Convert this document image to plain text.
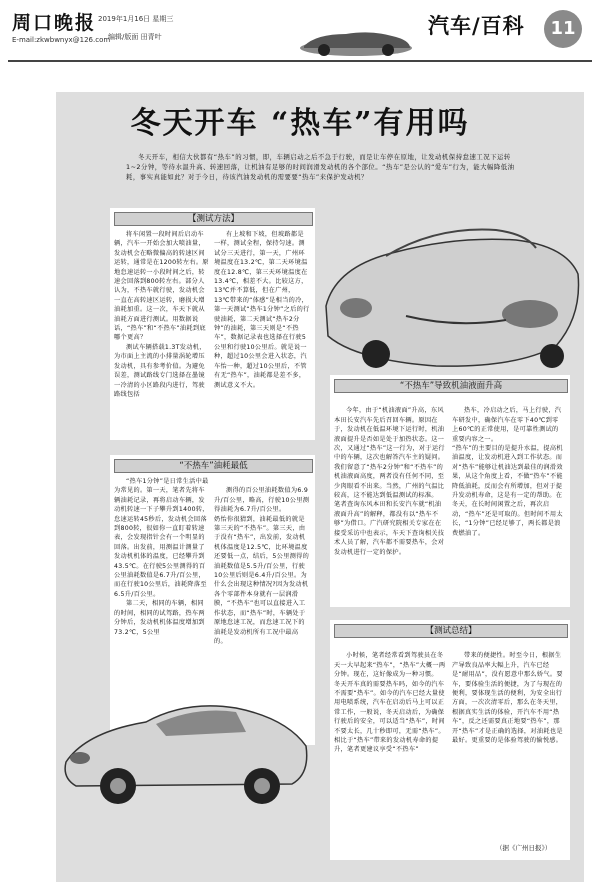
周口晚报 2019年1月16日 星期三
E-mail:zkwbwnyx@126.com
编辑/版面 田青叶	汽车/百科	11
冬天开车 “热车”有用吗
冬天开车，相信大伙都有“热车”的习惯，即，车辆启动之后不急于行驶，而是让车停在原地，让发动机保持怠速工况下运转1~2分钟，等待水温升高、转速回落，让机油有足够的时间润滑发动机的各个部位。“热车”是公认的“爱车”行为，能大幅降低油耗，事实真能如此？对于今日，待该汽油发动机的需要要“热车”来保护发动机？
【测试方法】

将车闲置一段时间后启动车辆，汽车一开始会加大喷油量，发动机会在略微偏高的转速区间运转，通常是在1200转左右。原地怠速运转一小段时间之后，转速会回落到800转左右。部分人认为，不热车就行驶，发动机会一直在高转速区运转，磨损大增油耗加重。这一次，车天下就从油耗方面进行测试。用数据说话，“热车”和“不热车”油耗到底哪个更高？

测试车辆搭载1.3T发动机，为市面上主流的小排量涡轮增压发动机，具有参考价值。为避免误差，测试路线专门选择在墨镜一冷清的小区路段内进行，驾驶路线包括

有上坡和下坡，但坡路都是一样，测试全程，保持匀速。测试分三天进行，第一天，广州环境温度在13.2℃，第二天环境温度在12.8℃，第三天环境温度在13.4℃，相差不大。比较这方，13℃并不算低，但在广州，13℃带来的“体感”是相当的冷，第一天测试“热车1分钟”之后的行驶油耗，第二天测试“热车2分钟”的油耗，第三天则是“不热车”，数据记录表也选择在行驶5公里和行驶10公里后。就是说一种，超过10公里会进入状态，汽车怡一种，超过10公里后，不管有无“热车”，油耗都是差不多，测试意义不大。

“不热车”油耗最低

“热车1分钟”是日常生活中最为常见的。第一天，笔者先将车辆油耗记录，再将启动车辆，发动机转速一下子攀升到1400转，怠速运转45秒后，发动机会回落到800转，很如你一直盯着转速表，会发现指针会有一个明显的回落。出发前，用测温计测量了发动机机体的温度，已经攀升到43.5℃。在行驶5公里测得的百公里油耗数值是6.7升/百公里，而在行驶10公里后，油耗降落至6.5升/百公里。

第二天，相同的车辆，相同的时间，相同的试驾路，热车两分钟后，发动机机体温度增加到73.2℃，5公里

测得的百公里油耗数值为6.9升/百公里，略高，行驶10公里测得油耗为6.7升/百公里。
奶怡你很猜到，油耗最低的就是第三天的“不热车”。第三天，由于没有“热车”，出发前，发动机机体温度是12.5℃，比环境温度还要低一点，结后，5公里测得的油耗数值是5.5升/百公里，行驶10公里后则是6.4升/百公里。为什么会出现这种情况?因为发动机各个零部件本身就有一层润滑膜，“不热车”也可以直接进入工作状态，而“热车”时，车辆处于原地怠速工况，而怠速工况下的油耗是发动机所有工况中最高的。

“不热车”导致机油液面升高

今年，由于“机油液面”升高，东风本田长安汽车先后召回车辆。原因在于，发动机在低温环境下运行时，机油液面提升是否如是处于加热状态。这一次，又通过“热车”这一行为，对于运行中的车辆，这次也解答汽车主的疑问。我们留意了“热车2分钟”和“不热车”的机油液面高度，两者没有任何不同，至少肉眼看不出来。当然，广州的气温比较高，这不能达到低温测试的标准。
笔者查询东风本田和长安汽车就“机油液面升高”的解释，都没有以“热车不够”为借口。广汽研究院相关专家在在接受采访中也表示，车天下查询相关技术人员了解，汽车都不需要热车，会对发动机进行一定的保护。

热车，冷启动之后，马上行驶，汽车研发中，确保汽车在零下40℃到零上60℃的正常使用，是可靠性测试的重要内容之一。
“热车”的主要目的是提升水温，提高机油温度，让发动机进入到工作状态。而对“热车”能够让机油达到最佳的润滑效果，从这个角度上看，不做“热车”不能降低油耗，反而会有所增加，但对于提升发动机寿命，这是有一定的帮助。在冬天，在长时间闲置之后，再次启动，“热车”还是可取的。但时间不用太长，“1分钟”已经足够了，两长都是浪费燃油了。

【测试总结】

小时候，笔者经常看到驾驶员在冬天一大早起来“热车”，“热车”大概一两分钟。现在，这好像成为一种习惯。
冬天开车真的需要热车吗，如今的汽车不需要“热车”。如今的汽车已经大量使用电喷系统，汽车在启动后马上可以正常工作，一般说，冬天启动后，为确保行驶后的安全，可以适当“热车”，时间不要太长，几十秒即可，无需“热车”。
相比于“热车”带来的发动机寿命的提升，笔者更建议享受“不热车”

带来的便捷性。时至今日，根据生产导致良品率大幅上升，汽车已经是“耐用品”，没有愿意中那么娇气。要车，要体验生活的便捷，为了与现在的便利，要体现生活的便利，为安全出行方面，一次次清零后，那么在冬天里，根据真实生活的体验，开汽车不用“热车”，反之还需要真正地要“热车”，那开“热车”才是正确的选择，对油耗也是最好。更重要的是体验驾驶的愉悦感。

（据《广州日报》）
